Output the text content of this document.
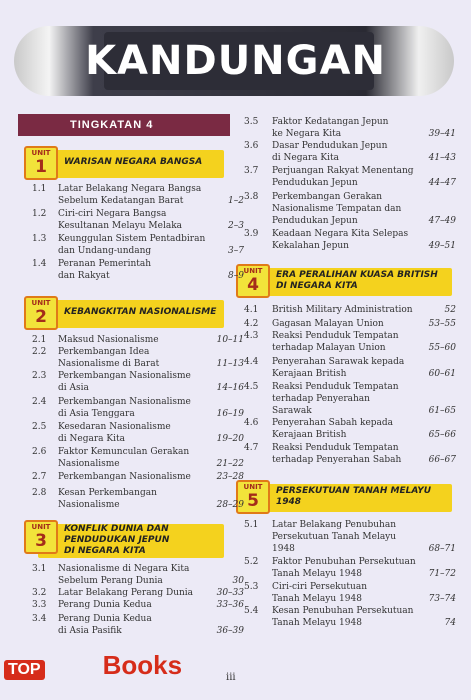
KANDUNGAN
TINGKATAN 4
UNIT
1	WARISAN NEGARA BANGSA
UNIT
2	KEBANGKITAN NASIONALISME
UNIT
3
KONFLIK DUNIA DAN
PENDUDUKAN JEPUN
DI NEGARA KITA
UNIT
4	ERA PERALIHAN KUASA BRITISH
DI NEGARA KITA
UNIT
5	PERSEKUTUAN TANAH MELAYU
1948
1.1 Latar Belakang Negara Bangsa
Sebelum Kedatangan Barat	1–2
1.2 Ciri-ciri Negara Bangsa
Kesultanan Melayu Melaka	2–3
1.3 Keunggulan Sistem Pentadbiran
dan Undang-undang	3–7
1.4 Peranan Pemerintah
dan Rakyat	8–9
2.1 Maksud Nasionalisme	10–11
2.2 Perkembangan Idea
Nasionalisme di Barat	11–13
2.3 Perkembangan Nasionalisme
di Asia	14–16
2.4 Perkembangan Nasionalisme
di Asia Tenggara	16–19
2.5 Kesedaran Nasionalisme
di Negara Kita	19–20
2.6 Faktor Kemunculan Gerakan
Nasionalisme	21–22
2.7 Perkembangan Nasionalisme	23–28
2.8 Kesan Perkembangan
Nasionalisme	28–29
3.1 Nasionalisme di Negara Kita
Sebelum Perang Dunia	30
3.2 Latar Belakang Perang Dunia	30–33
3.3 Perang Dunia Kedua	33–36
3.4 Perang Dunia Kedua
di Asia Pasifik	36–39
3.5 Faktor Kedatangan Jepun
ke Negara Kita	39–41
3.6 Dasar Pendudukan Jepun
di Negara Kita	41–43
3.7 Perjuangan Rakyat Menentang
Pendudukan Jepun	44–47
3.8 Perkembangan Gerakan
Nasionalisme Tempatan dan
Pendudukan Jepun	47–49
3.9 Keadaan Negara Kita Selepas
Kekalahan Jepun	49–51
4.1 British Military Administration	52
4.2 Gagasan Malayan Union	53–55
4.3 Reaksi Penduduk Tempatan
terhadap Malayan Union	55–60
4.4 Penyerahan Sarawak kepada
Kerajaan British	60–61
4.5 Reaksi Penduduk Tempatan
terhadap Penyerahan
Sarawak	61–65
4.6 Penyerahan Sabah kepada
Kerajaan British	65–66
4.7 Reaksi Penduduk Tempatan
terhadap Penyerahan Sabah	66–67
5.1 Latar Belakang Penubuhan
Persekutuan Tanah Melayu
1948	68–71
5.2 Faktor Penubuhan Persekutuan
Tanah Melayu 1948	71–72
5.3 Ciri-ciri Persekutuan
Tanah Melayu 1948	73–74
5.4 Kesan Penubuhan Persekutuan
Tanah Melayu 1948	74
iii
TOP Books
